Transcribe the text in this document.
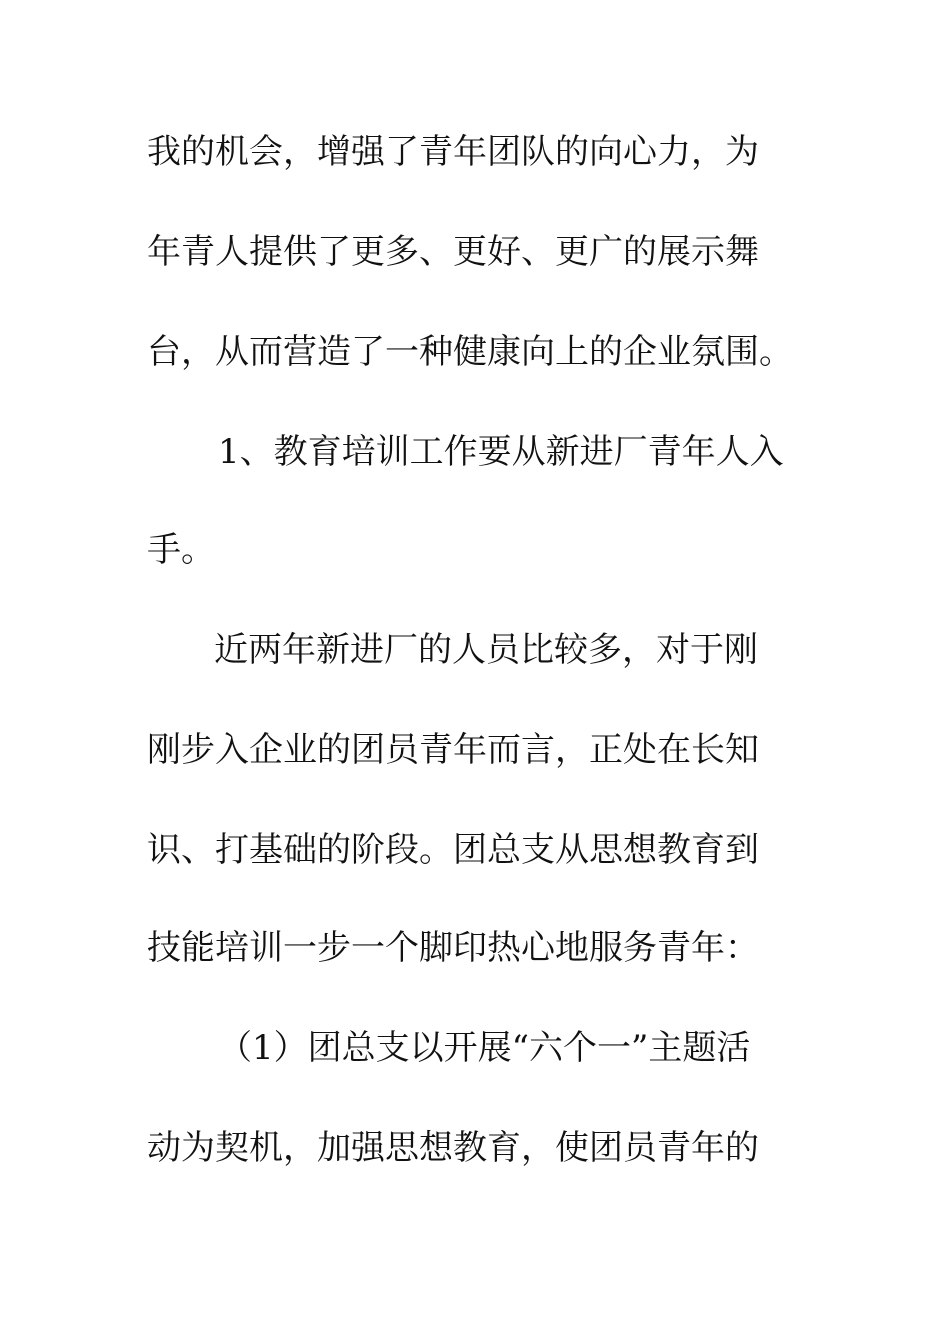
我的机会，增强了青年团队的向心力，为
年青人提供了更多、更好、更广的展示舞
台，从而营造了一种健康向上的企业氛围。
1、教育培训工作要从新进厂青年人入
手。
近两年新进厂的人员比较多，对于刚
刚步入企业的团员青年而言，正处在长知
识、打基础的阶段。团总支从思想教育到
技能培训一步一个脚印热心地服务青年：
（1）团总支以开展“六个一”主题活
动为契机，加强思想教育，使团员青年的
